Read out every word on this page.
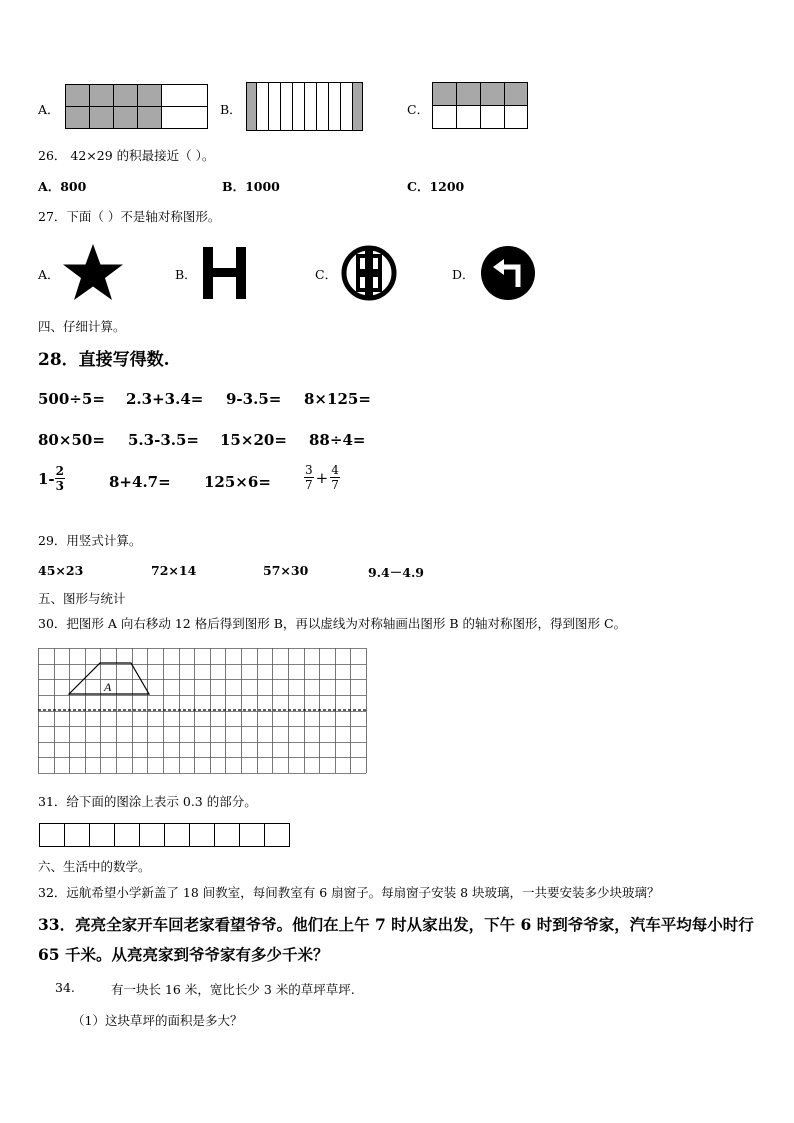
A．	B．	C．
26． 42×29 的积最接近（ ）。
A．800	B．1000	C．1200
27．下面（ ）不是轴对称图形。
A．	B．	C．	D．
四、仔细计算。
28．直接写得数.
500÷5= 2.3+3.4= 9-3.5= 8×125=
80×50= 5.3-3.5= 15×20= 88÷4=
$1- \frac{2}{3}$	8+4.7= 125×6=	$\frac{3}{7} + \frac{4}{7}$
29．用竖式计算。
45×23	72×14	57×30	9.4－4.9
五、图形与统计
30．把图形 A 向右移动 12 格后得到图形 B，再以虚线为对称轴画出图形 B 的轴对称图形，得到图形 C。
A
31．给下面的图涂上表示 0.3 的部分。
六、生活中的数学。
32．远航希望小学新盖了 18 间教室，每间教室有 6 扇窗子。每扇窗子安装 8 块玻璃，一共要安装多少块玻璃？
33．亮亮全家开车回老家看望爷爷。他们在上午 7 时从家出发，下午 6 时到爷爷家，汽车平均每小时行
65 千米。从亮亮家到爷爷家有多少千米？
34.	有一块长 16 米，宽比长少 3 米的草坪草坪.
（1）这块草坪的面积是多大？
